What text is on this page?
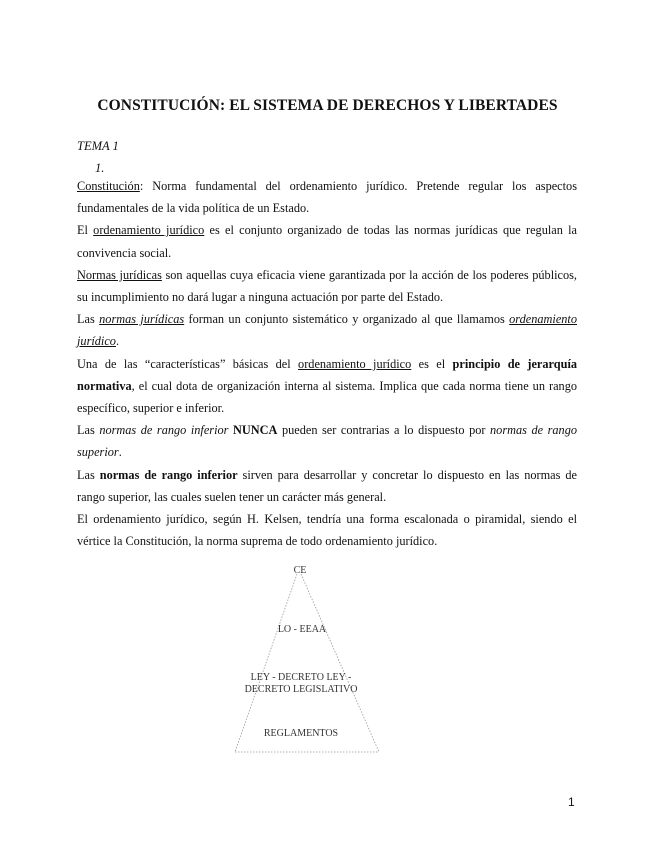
CONSTITUCIÓN: EL SISTEMA DE DERECHOS Y LIBERTADES
TEMA 1
1.

Constitución: Norma fundamental del ordenamiento jurídico. Pretende regular los aspectos fundamentales de la vida política de un Estado.

El ordenamiento jurídico es el conjunto organizado de todas las normas jurídicas que regulan la convivencia social.

Normas jurídicas son aquellas cuya eficacia viene garantizada por la acción de los poderes públicos, su incumplimiento no dará lugar a ninguna actuación por parte del Estado.

Las normas jurídicas forman un conjunto sistemático y organizado al que llamamos ordenamiento jurídico.

Una de las “características” básicas del ordenamiento jurídico es el principio de jerarquía normativa, el cual dota de organización interna al sistema. Implica que cada norma tiene un rango específico, superior e inferior.

Las normas de rango inferior NUNCA pueden ser contrarias a lo dispuesto por normas de rango superior.

Las normas de rango inferior sirven para desarrollar y concretar lo dispuesto en las normas de rango superior, las cuales suelen tener un carácter más general.

El ordenamiento jurídico, según H. Kelsen, tendría una forma escalonada o piramidal, siendo el vértice la Constitución, la norma suprema de todo ordenamiento jurídico.

CE
LO - EEAA
LEY - DECRETO LEY -
DECRETO LEGISLATIVO
REGLAMENTOS
1
